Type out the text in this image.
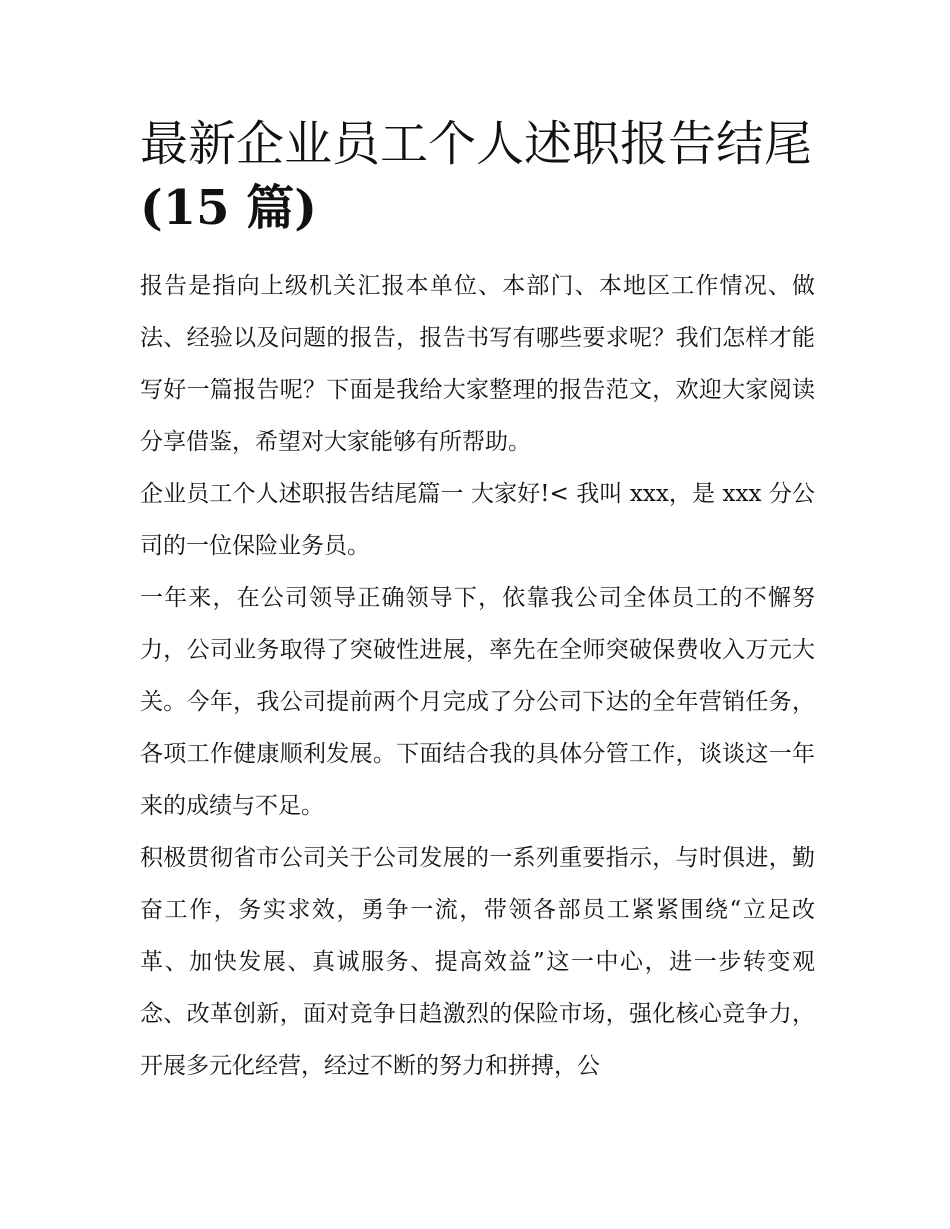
最新企业员工个人述职报告结尾(15 篇)

报告是指向上级机关汇报本单位、本部门、本地区工作情况、做法、经验以及问题的报告，报告书写有哪些要求呢？我们怎样才能写好一篇报告呢？下面是我给大家整理的报告范文，欢迎大家阅读分享借鉴，希望对大家能够有所帮助。

企业员工个人述职报告结尾篇一 大家好!< 我叫 xxx，是 xxx 分公司的一位保险业务员。

一年来，在公司领导正确领导下，依靠我公司全体员工的不懈努力，公司业务取得了突破性进展，率先在全师突破保费收入万元大关。今年，我公司提前两个月完成了分公司下达的全年营销任务，各项工作健康顺利发展。下面结合我的具体分管工作，谈谈这一年来的成绩与不足。

积极贯彻省市公司关于公司发展的一系列重要指示，与时俱进，勤奋工作，务实求效，勇争一流，带领各部员工紧紧围绕“立足改革、加快发展、真诚服务、提高效益”这一中心，进一步转变观念、改革创新，面对竞争日趋激烈的保险市场，强化核心竞争力，开展多元化经营，经过不断的努力和拼搏，公
